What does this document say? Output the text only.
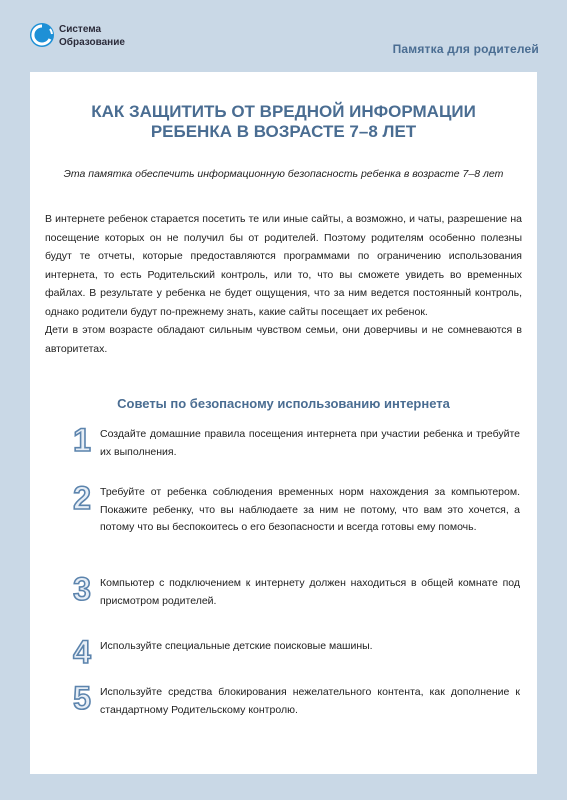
Система
Образование	Памятка для родителей
КАК ЗАЩИТИТЬ ОТ ВРЕДНОЙ ИНФОРМАЦИИ
РЕБЕНКА В ВОЗРАСТЕ 7–8 ЛЕТ
Эта памятка обеспечить информационную безопасность ребенка в возрасте 7–8 лет

В интернете ребенок старается посетить те или иные сайты, а возможно, и чаты, разрешение на посещение которых он не получил бы от родителей. Поэтому родителям особенно полезны будут те отчеты, которые предоставляются программами по ограничению использования интернета, то есть Родительский контроль, или то, что вы сможете увидеть во временных файлах. В результате у ребенка не будет ощущения, что за ним ведется постоянный контроль, однако родители будут по-прежнему знать, какие сайты посещает их ребенок.

Дети в этом возрасте обладают сильным чувством семьи, они доверчивы и не сомневаются в авторитетах.

Советы по безопасному использованию интернета
1 Создайте домашние правила посещения интернета при участии ребенка и требуйте их выполнения.
2 Требуйте от ребенка соблюдения временных норм нахождения за компьютером. Покажите ребенку, что вы наблюдаете за ним не потому, что вам это хочется, а потому что вы беспокоитесь о его безопасности и всегда готовы ему помочь.
3 Компьютер с подключением к интернету должен находиться в общей комнате под присмотром родителей.
4 Используйте специальные детские поисковые машины.
5 Используйте средства блокирования нежелательного контента, как дополнение к стандартному Родительскому контролю.
